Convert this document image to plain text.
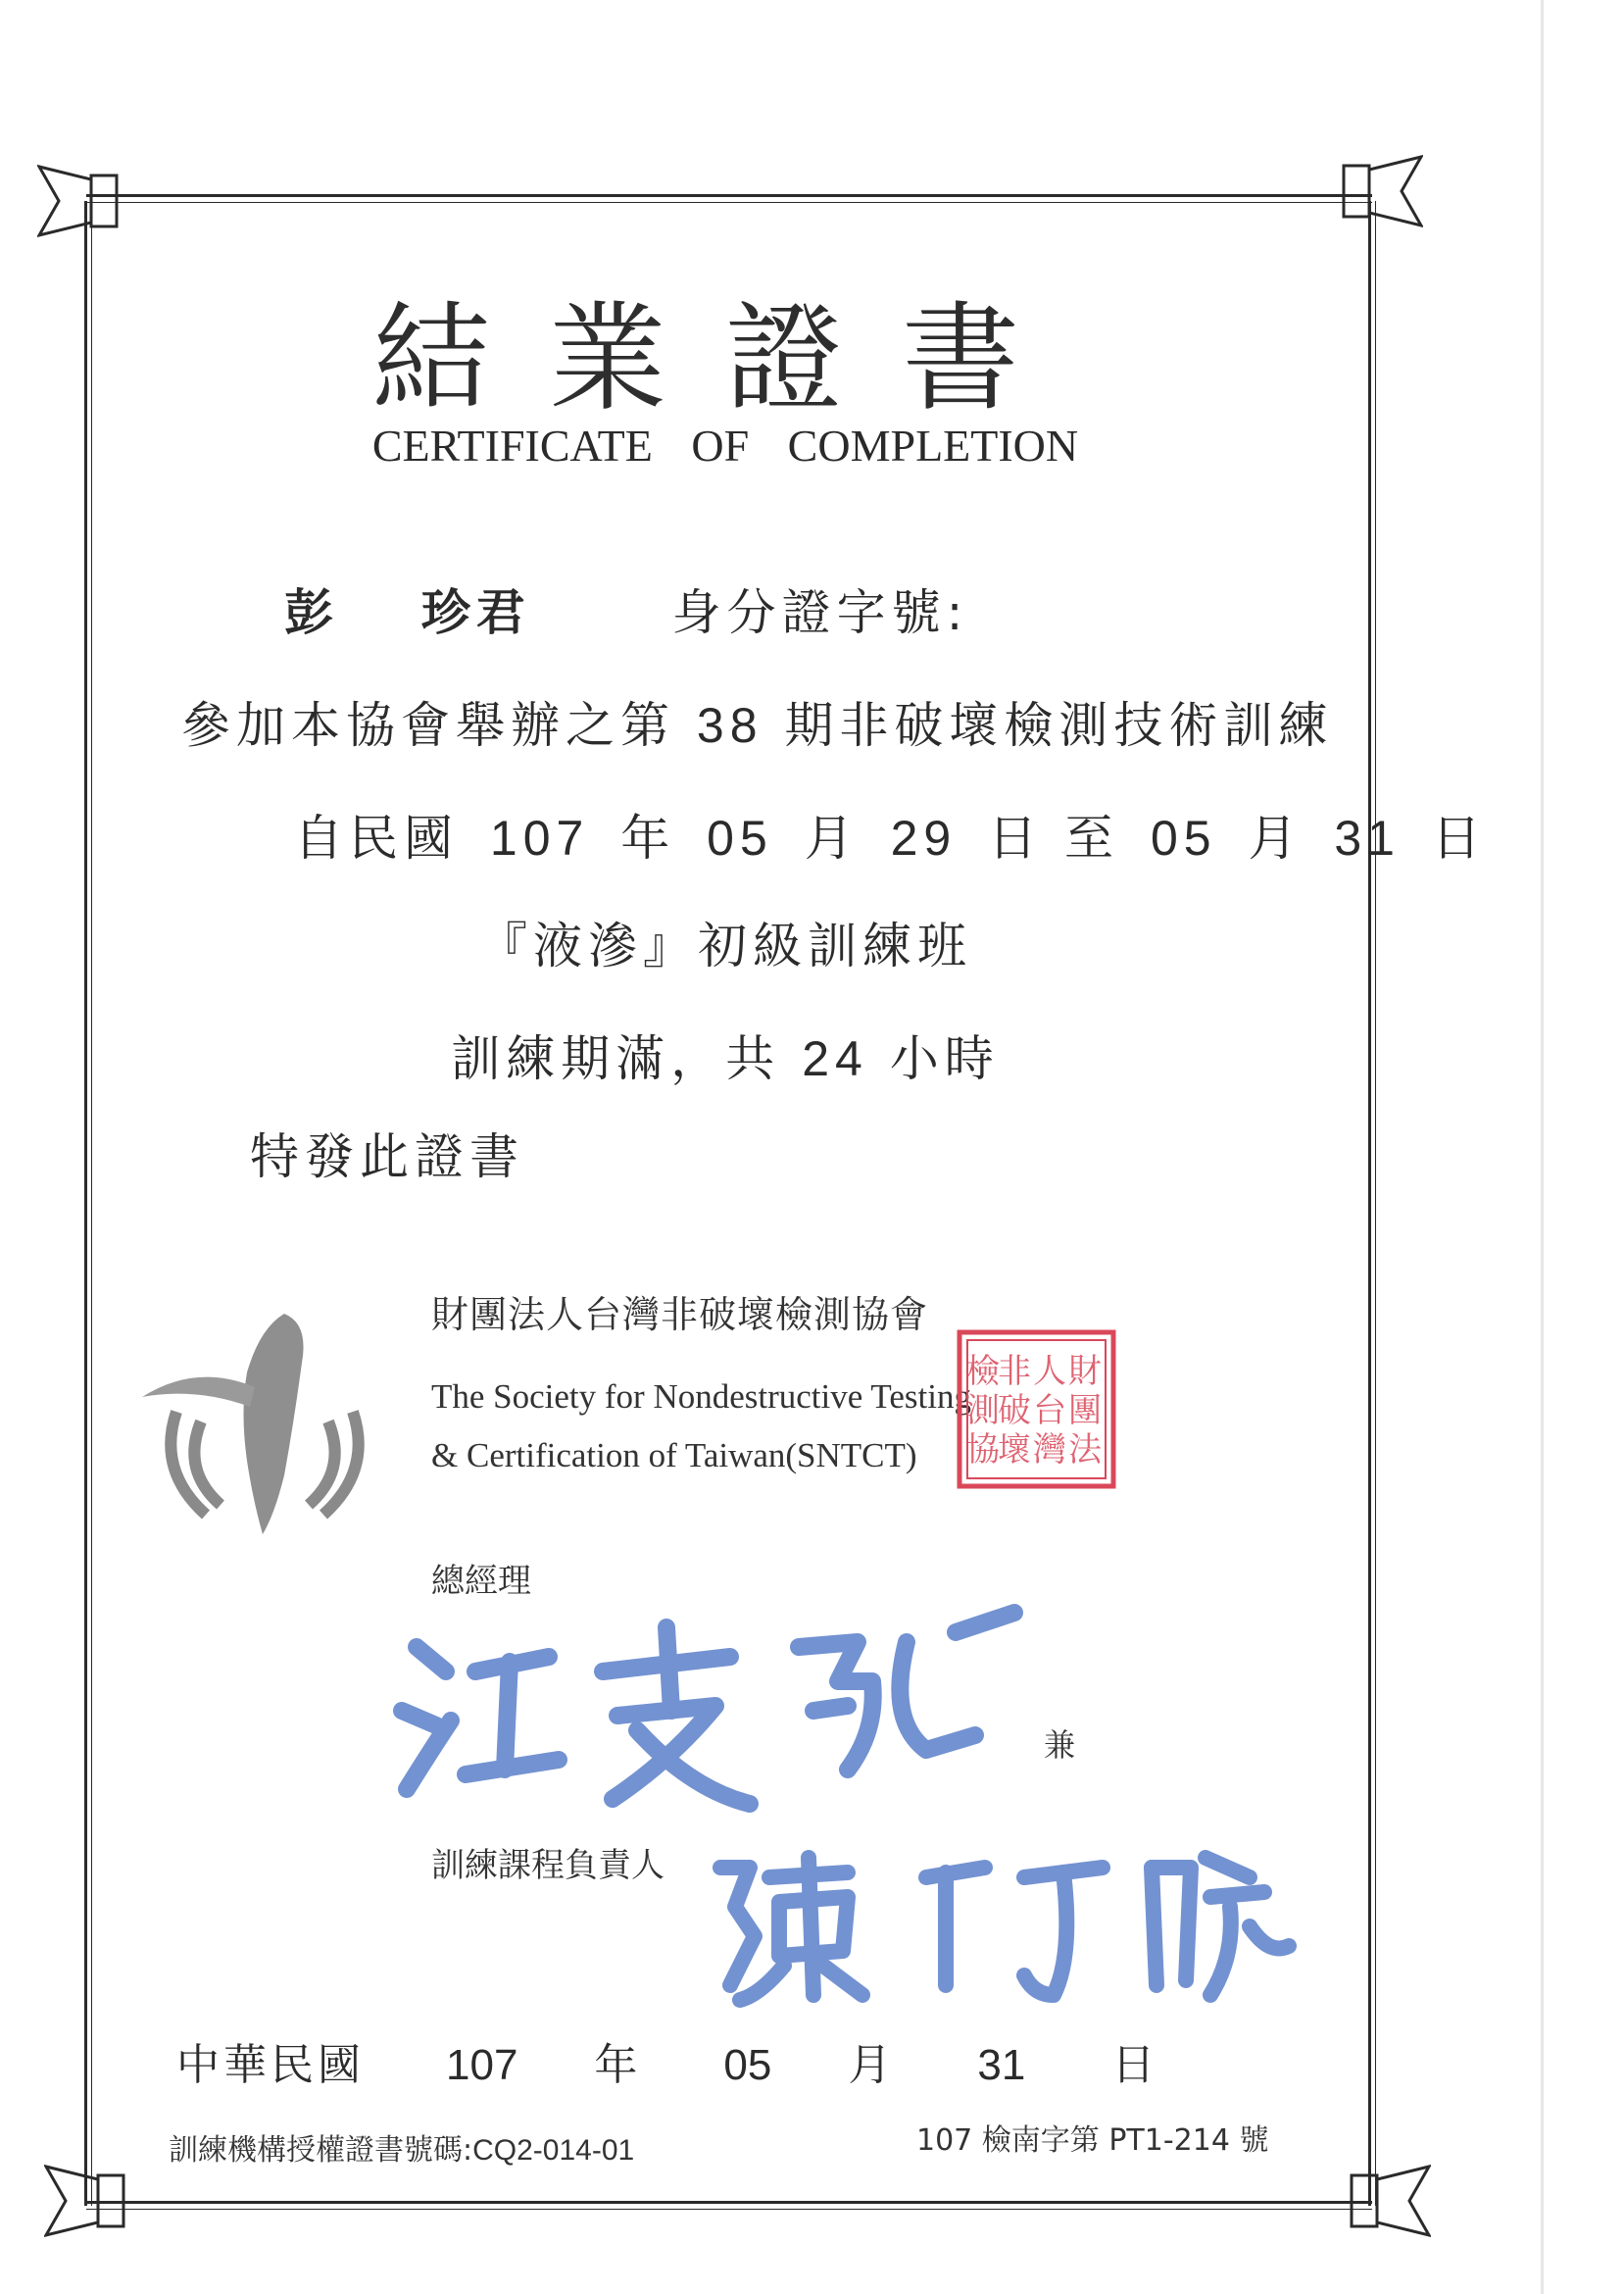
結業證書
CERTIFICATE OF COMPLETION
彭 珍君	身分證字號:
參加本協會舉辦之第 38 期非破壞檢測技術訓練
自民國 107 年 05 月 29 日 至 05 月 31 日
『液滲』初級訓練班
訓練期滿，共 24 小時
特發此證書
財團法人台灣非破壞檢測協會
The Society for Nondestructive Testing
& Certification of Taiwan(SNTCT)
財
團
法
人
台
灣
非
破
壞
檢
測
協
總經理
兼
訓練課程負責人
中華民國 107 年 05 月 31 日
訓練機構授權證書號碼:CQ2-014-01	107 檢南字第 PT1-214 號
